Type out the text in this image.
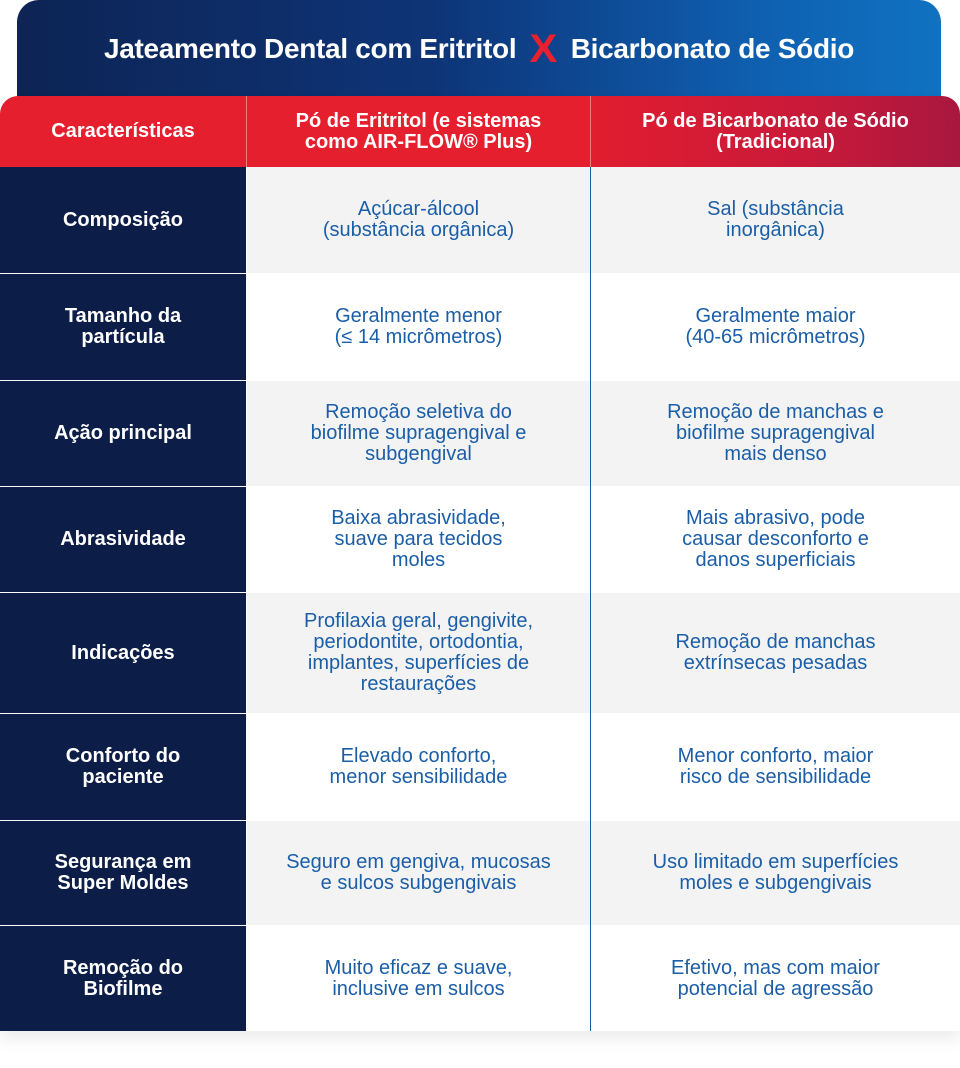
Jateamento Dental com Eritritol X Bicarbonato de Sódio
Características	Pó de Eritritol (e sistemas
como AIR-FLOW® Plus)
Pó de Bicarbonato de Sódio
(Tradicional)
Composição	Açúcar-álcool
(substância orgânica)
Sal (substância
inorgânica)
Tamanho da
partícula
Geralmente menor
(≤ 14 micrômetros)
Geralmente maior
(40-65 micrômetros)
Ação principal
Remoção seletiva do
biofilme supragengival e
subgengival
Remoção de manchas e
biofilme supragengival
mais denso
Abrasividade
Baixa abrasividade,
suave para tecidos
moles
Mais abrasivo, pode
causar desconforto e
danos superficiais
Indicações
Profilaxia geral, gengivite,
periodontite, ortodontia,
implantes, superfícies de
restaurações
Remoção de manchas
extrínsecas pesadas
Conforto do
paciente
Elevado conforto,
menor sensibilidade
Menor conforto, maior
risco de sensibilidade
Segurança em
Super Moldes
Seguro em gengiva, mucosas
e sulcos subgengivais
Uso limitado em superfícies
moles e subgengivais
Remoção do
Biofilme
Muito eficaz e suave,
inclusive em sulcos
Efetivo, mas com maior
potencial de agressão
